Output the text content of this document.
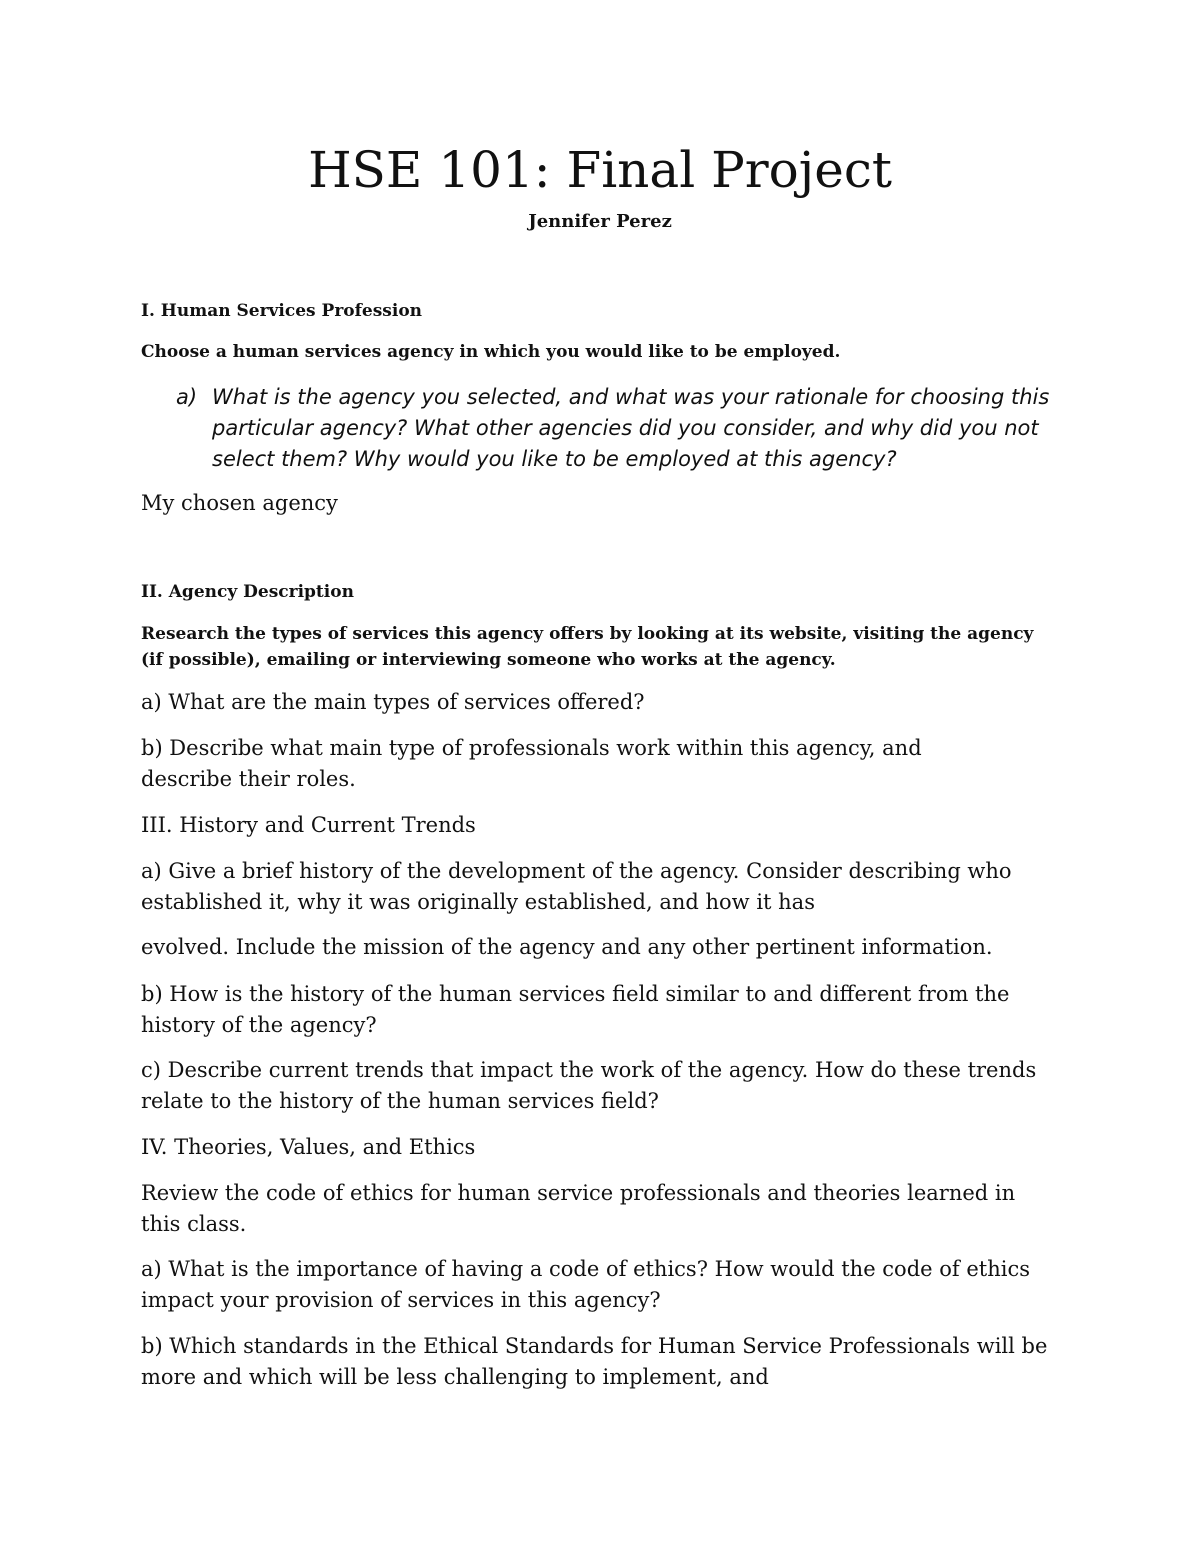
HSE 101: Final Project

Jennifer Perez

I. Human Services Profession

Choose a human services agency in which you would like to be employed.

a) What is the agency you selected, and what was your rationale for choosing this particular agency? What other agencies did you consider, and why did you not select them? Why would you like to be employed at this agency?

My chosen agency

II. Agency Description

Research the types of services this agency offers by looking at its website, visiting the agency (if possible), emailing or interviewing someone who works at the agency.

a) What are the main types of services offered?

b) Describe what main type of professionals work within this agency, and describe their roles.

III. History and Current Trends

a) Give a brief history of the development of the agency. Consider describing who established it, why it was originally established, and how it has

evolved. Include the mission of the agency and any other pertinent information.

b) How is the history of the human services field similar to and different from the history of the agency?

c) Describe current trends that impact the work of the agency. How do these trends relate to the history of the human services field?

IV. Theories, Values, and Ethics

Review the code of ethics for human service professionals and theories learned in this class.

a) What is the importance of having a code of ethics? How would the code of ethics impact your provision of services in this agency?

b) Which standards in the Ethical Standards for Human Service Professionals will be more and which will be less challenging to implement, and
